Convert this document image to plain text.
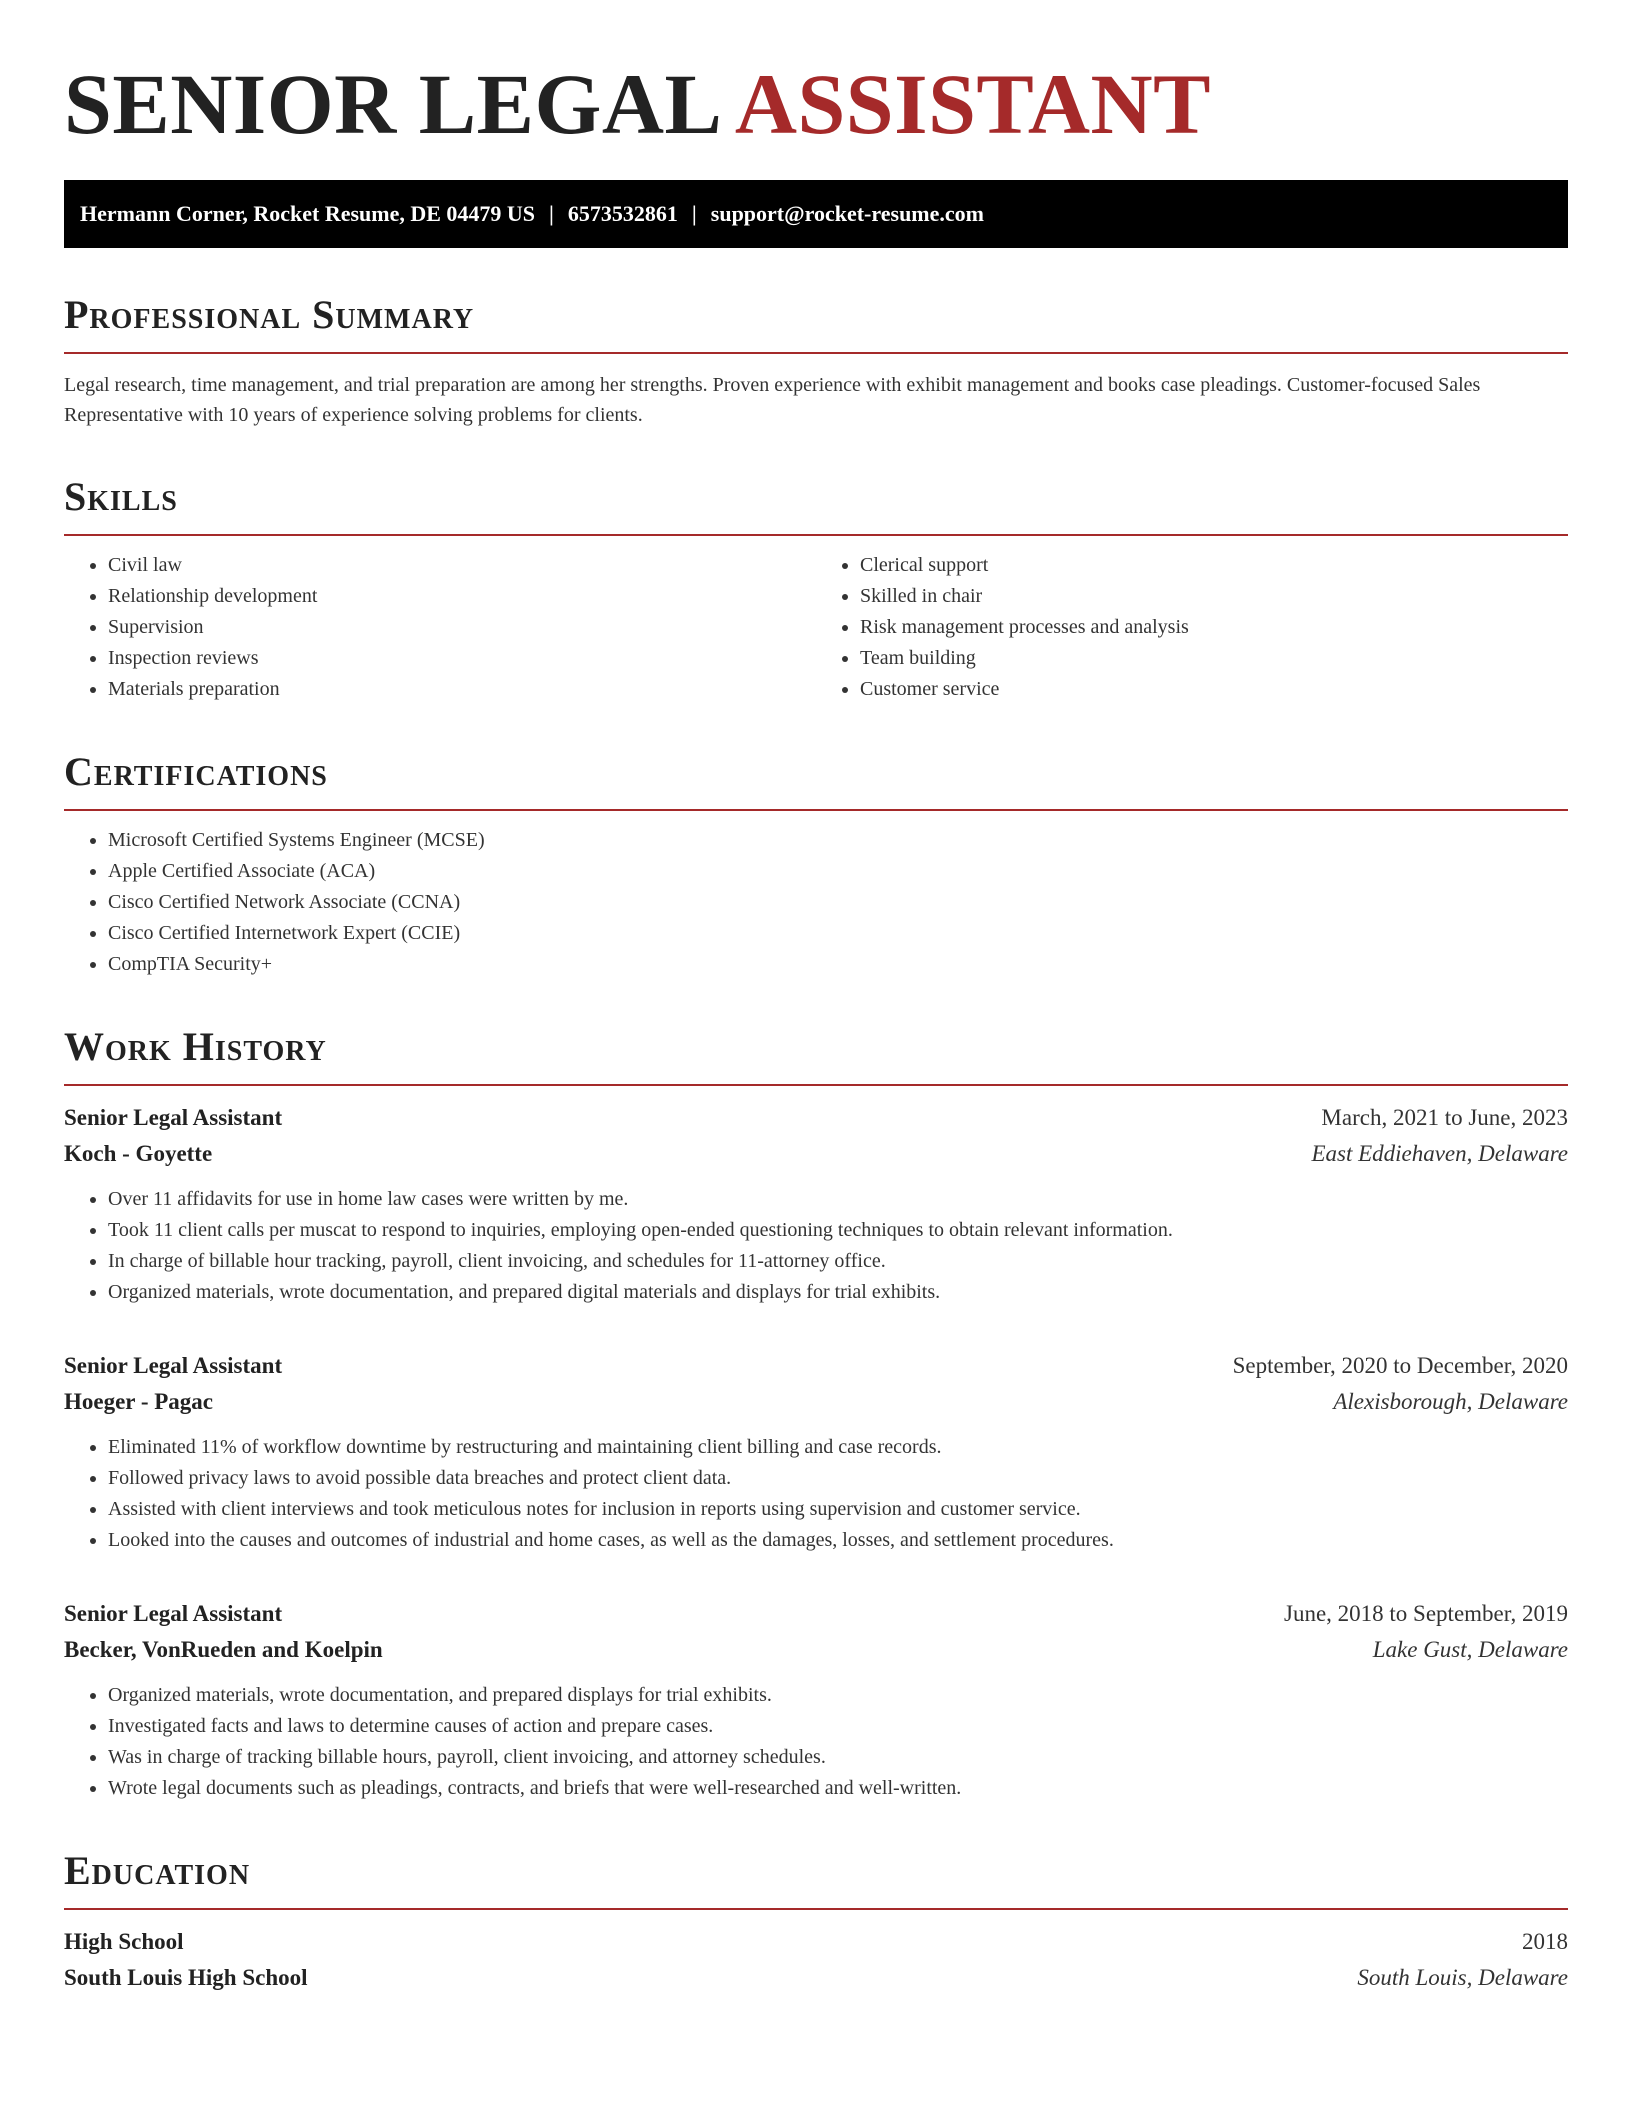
SENIOR LEGAL ASSISTANT
Hermann Corner, Rocket Resume, DE 04479 US | 6573532861 | support@rocket-resume.com
Professional Summary
Legal research, time management, and trial preparation are among her strengths. Proven experience with exhibit management and books case pleadings. Customer-focused Sales Representative with 10 years of experience solving problems for clients.
Skills
• Civil law
• Relationship development
• Supervision
• Inspection reviews
• Materials preparation
• Clerical support
• Skilled in chair
• Risk management processes and analysis
• Team building
• Customer service
Certifications
• Microsoft Certified Systems Engineer (MCSE)
• Apple Certified Associate (ACA)
• Cisco Certified Network Associate (CCNA)
• Cisco Certified Internetwork Expert (CCIE)
• CompTIA Security+
Work History
Senior Legal Assistant	March, 2021 to June, 2023
Koch - Goyette	East Eddiehaven, Delaware
• Over 11 affidavits for use in home law cases were written by me.
• Took 11 client calls per muscat to respond to inquiries, employing open-ended questioning techniques to obtain relevant information.
• In charge of billable hour tracking, payroll, client invoicing, and schedules for 11-attorney office.
• Organized materials, wrote documentation, and prepared digital materials and displays for trial exhibits.
Senior Legal Assistant	September, 2020 to December, 2020
Hoeger - Pagac	Alexisborough, Delaware
• Eliminated 11% of workflow downtime by restructuring and maintaining client billing and case records.
• Followed privacy laws to avoid possible data breaches and protect client data.
• Assisted with client interviews and took meticulous notes for inclusion in reports using supervision and customer service.
• Looked into the causes and outcomes of industrial and home cases, as well as the damages, losses, and settlement procedures.
Senior Legal Assistant	June, 2018 to September, 2019
Becker, VonRueden and Koelpin	Lake Gust, Delaware
• Organized materials, wrote documentation, and prepared displays for trial exhibits.
• Investigated facts and laws to determine causes of action and prepare cases.
• Was in charge of tracking billable hours, payroll, client invoicing, and attorney schedules.
• Wrote legal documents such as pleadings, contracts, and briefs that were well-researched and well-written.
Education
High School	2018
South Louis High School	South Louis, Delaware
